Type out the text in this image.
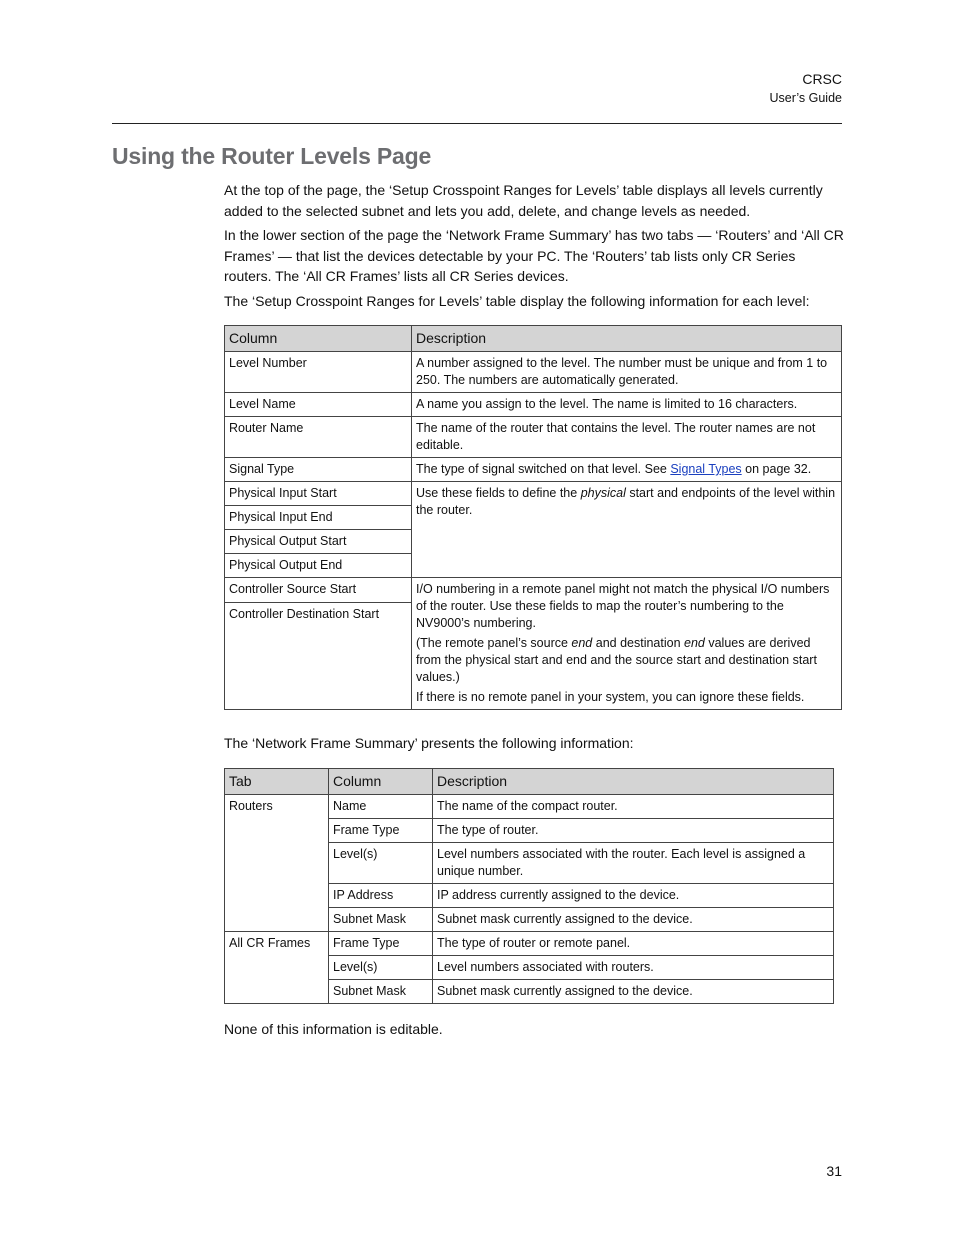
CRSC
User’s Guide
Using the Router Levels Page

At the top of the page, the ‘Setup Crosspoint Ranges for Levels’ table displays all levels currently added to the selected subnet and lets you add, delete, and change levels as needed.

In the lower section of the page the ‘Network Frame Summary’ has two tabs — ‘Routers’ and ‘All CR Frames’ — that list the devices detectable by your PC. The ‘Routers’ tab lists only CR Series routers. The ‘All CR Frames’ lists all CR Series devices.

The ‘Setup Crosspoint Ranges for Levels’ table display the following information for each level:

Column	Description
Level Number	A number assigned to the level. The number must be unique and from 1 to 250. The numbers are automatically generated.
Level Name	A name you assign to the level. The name is limited to 16 characters.
Router Name	The name of the router that contains the level. The router names are not editable.
Signal Type	The type of signal switched on that level. See Signal Types on page 32.
Physical Input Start	Use these fields to define the physical start and endpoints of the level within the router.
Physical Input End	
Physical Output Start	
Physical Output End	
Controller Source Start	I/O numbering in a remote panel might not match the physical I/O numbers of the router. Use these fields to map the router’s numbering to the NV9000’s numbering.

(The remote panel’s source end and destination end values are derived from the physical start and end and the source start and destination start values.)

If there is no remote panel in your system, you can ignore these fields.

Controller Destination Start	

The ‘Network Frame Summary’ presents the following information:

Tab	Column	Description
Routers	Name	The name of the compact router.
	Frame Type	The type of router.
	Level(s)	Level numbers associated with the router. Each level is assigned a unique number.
	IP Address	IP address currently assigned to the device.
	Subnet Mask	Subnet mask currently assigned to the device.
All CR Frames	Frame Type	The type of router or remote panel.
	Level(s)	Level numbers associated with routers.
	Subnet Mask	Subnet mask currently assigned to the device.

None of this information is editable.

31
